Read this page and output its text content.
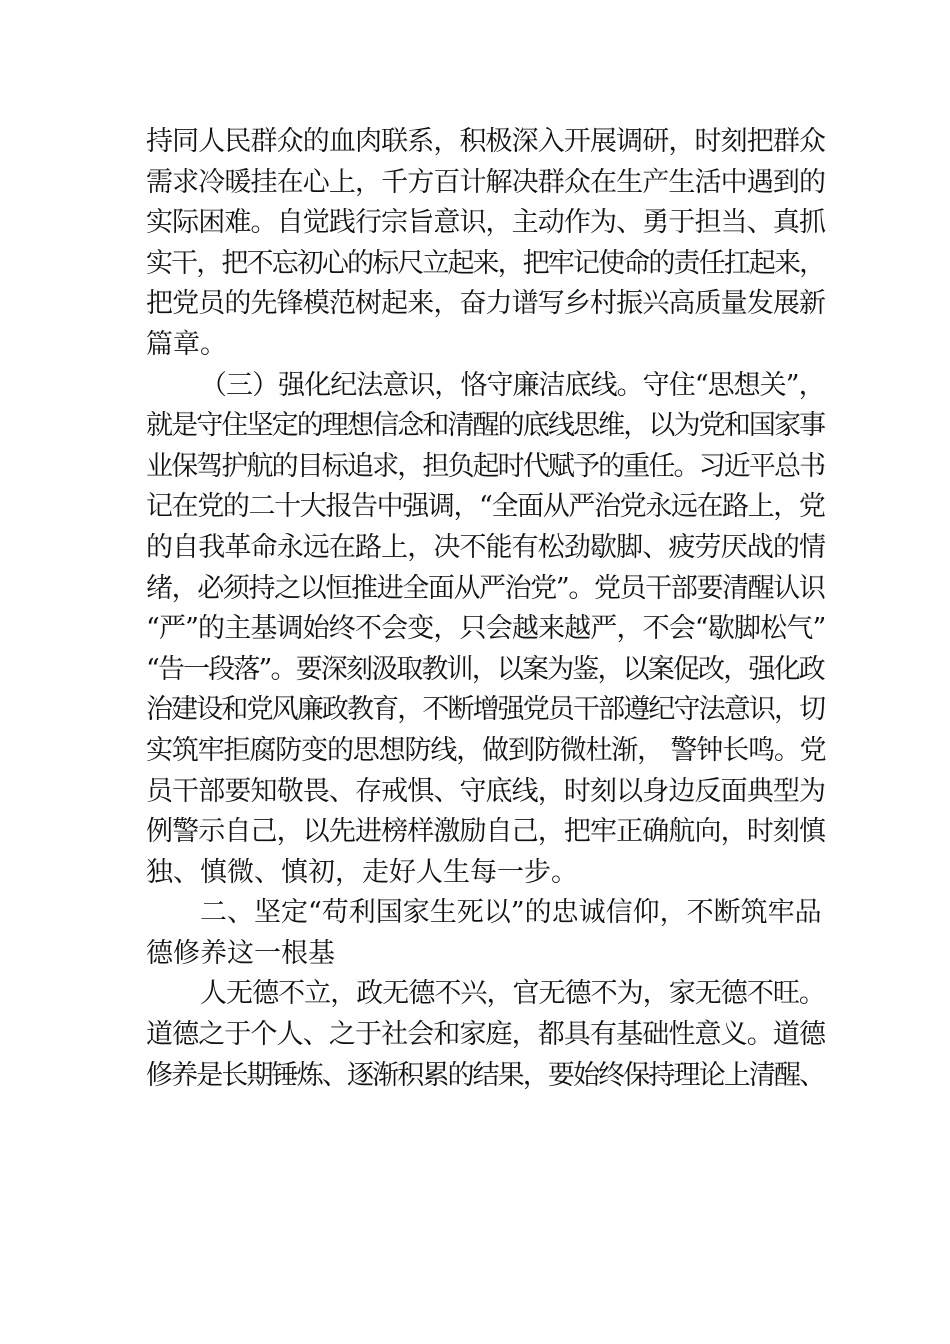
持同人民群众的血肉联系，积极深入开展调研，时刻把群众
需求冷暖挂在心上，千方百计解决群众在生产生活中遇到的
实际困难。自觉践行宗旨意识，主动作为、勇于担当、真抓
实干，把不忘初心的标尺立起来，把牢记使命的责任扛起来，
把党员的先锋模范树起来，奋力谱写乡村振兴高质量发展新
篇章。
（三）强化纪法意识，恪守廉洁底线。守住“思想关”，
就是守住坚定的理想信念和清醒的底线思维，以为党和国家事
业保驾护航的目标追求，担负起时代赋予的重任。习近平总书
记在党的二十大报告中强调，“全面从严治党永远在路上，党
的自我革命永远在路上，决不能有松劲歇脚、疲劳厌战的情
绪，必须持之以恒推进全面从严治党”。党员干部要清醒认识
“严”的主基调始终不会变，只会越来越严，不会“歇脚松气”
“告一段落”。要深刻汲取教训，以案为鉴，以案促改，强化政
治建设和党风廉政教育，不断增强党员干部遵纪守法意识，切
实筑牢拒腐防变的思想防线，做到防微杜渐， 警钟长鸣。党
员干部要知敬畏、存戒惧、守底线，时刻以身边反面典型为
例警示自己，以先进榜样激励自己，把牢正确航向，时刻慎
独、慎微、慎初，走好人生每一步。
二、坚定“苟利国家生死以”的忠诚信仰，不断筑牢品
德修养这一根基
人无德不立，政无德不兴，官无德不为，家无德不旺。
道德之于个人、之于社会和家庭，都具有基础性意义。道德
修养是长期锤炼、逐渐积累的结果，要始终保持理论上清醒、
